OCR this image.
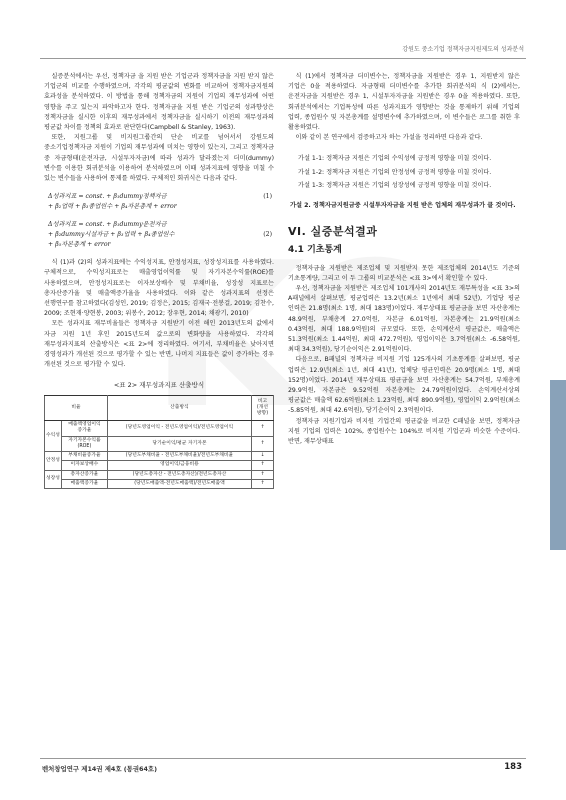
강원도 중소기업 정책자금지원제도의 성과분석

실증분석에서는 우선, 정책자금 을 지원 받은 기업군과 정책자금을 지원 받지 않은 기업군의 비교를 수행하였으며, 각각의 평균값의 변화를 비교하여 정책자금지원의 효과성을 분석하였다. 이 방법을 통해 정책자금의 지원이 기업의 재무성과에 어떤 영향을 주고 있는지 파악하고자 한다. 정책자금을 지원 받은 기업군의 성과향상은 정책자금을 실시한 이후의 재무성과에서 정책자금을 실시하기 이전의 재무성과의 평균값 차이를 정책의 효과로 판단한다(Campbell & Stanley, 1963).

또한, 지원그룹 및 비지원그룹간의 단순 비교를 넘어서서 강원도의 중소기업정책자금 지원이 기업의 재무성과에 미치는 영향이 있는지, 그리고 정책자금 중 자금형태(운전자금, 시설투자자금)에 따라 성과가 달라졌는지 더미(dummy) 변수를 이용한 회귀분석을 이용하여 분석하였으며 이때 성과지표에 영향을 미칠 수 있는 변수들을 사용하여 통제를 하였다. 구체적인 회귀식은 다음과 같다.

Δ성과지표 = const. + β₁dummy정책자금
+ β₂업력 + β₃종업원수 + β₄자본총계 + error
(1)
Δ성과지표 = const. + β₁dummy운전자금
+ β₂dummy시설자금 + β₃업력 + β₄종업원수
+ β₅자본총계 + error
(2)

식 (1)과 (2)의 성과지표에는 수익성지표, 안정성지표, 성장성지표를 사용하였다. 구체적으로, 수익성지표로는 매출영업이익률 및 자기자본수익률(ROE)를 사용하였으며, 안정성지표로는 이자보상배수 및 부채비율, 성장성 지표로는 총자산증가율 및 매출액증가율을 사용하였다. 이와 같은 성과지표의 선정은 선행연구를 참고하였다(김성인, 2019; 김정은, 2015; 김재국·전봉걸, 2019; 김찬수, 2009; 조현재·양현봉, 2003; 위봉수, 2012; 장우현, 2014; 채광기, 2010)

모든 성과지표 재무비율들은 정책자금 지원받기 이전 해인 2013년도의 값에서 자금 지원 1년 후인 2015년도의 값으로의 변화량을 사용하였다. 각각의 재무성과지표의 산출방식은 <표 2>에 정리하였다. 여기서, 부채비율은 낮아지면 경영성과가 개선된 것으로 평가할 수 있는 반면, 나머지 지표들은 값이 증가하는 경우 개선된 것으로 평가할 수 있다.

<표 2> 재무성과지표 산출방식
비율		산출방식	비고 (개선 방향)
수익성	매출액영업이익 증가율	(당년도영업이익 - 전년도영업이익)/전년도영업이익	↑
	자기자본수익률 (ROE)	당기순이익/평균 자기자본	↑
안정성	부채비율증가율	(당년도부채비율 - 전년도부채비율)/전년도부채비율	↓
	이자보상배수	영업이익/금융비용	↑
성장성	총자산증가율	(당년도총자산 - 전년도총자산)/전년도총자산	↑
	매출액증가율	(당년도매출액-전년도매출액)/전년도매출액	↑

식 (1)에서 정책자금 더미변수는, 정책자금을 지원받은 경우 1, 지원받지 않은 기업은 0을 적용하였다. 자금형태 더미변수를 추가한 회귀분석의 식 (2)에서는, 운전자금을 지원받은 경우 1, 시설투자자금을 지원받은 경우 0을 적용하였다. 또한, 회귀분석에서는 기업특성에 따른 성과지표가 영향받는 것을 통제하기 위해 기업의 업력, 종업원수 및 자본총계를 설명변수에 추가하였으며, 이 변수들은 로그를 취한 후 활용하였다.

이와 같이 본 연구에서 검증하고자 하는 가설을 정리하면 다음과 같다.

가설 1-1: 정책자금 지원은 기업의 수익성에 긍정적 영향을 미칠 것이다.
가설 1-2: 정책자금 지원은 기업의 안정성에 긍정적 영향을 미칠 것이다.
가설 1-3: 정책자금 지원은 기업의 성장성에 긍정적 영향을 미칠 것이다.
가설 2. 정책자금지원금중 시설투자자금을 지원 받은 업체의 재무성과가 클 것이다.
VI. 실증분석결과
4.1 기초통계

정책자금을 지원받은 제조업체 및 지원받지 못한 제조업체의 2014년도 기준의 기초통계량, 그리고 이 두 그룹의 비교분석은 <표 3>에서 확인할 수 있다.

우선, 정책자금을 지원받은 제조업체 101개사의 2014년도 재무특성을 <표 3>의 A패널에서 살펴보면, 평균업력은 13.2년(최소 1년에서 최대 52년), 기업당 평균 인력은 21.8명(최소 1명, 최대 183명)이었다. 재무상태표 평균금을 보면 자산총계는 48.9억원, 부채총계 27.0억원, 자본금 6.01억원, 자본총계는 21.9억원(최소 0.43억원, 최대 188.9억원)의 규모였다. 또한, 손익계산서 평균값은, 매출액은 51.3억원(최소 1.44억원, 최대 472.7억원), 영업이익은 3.7억원(최소 -6.58억원, 최대 34.3억원), 당기순이익은 2.91억원이다.

다음으로, B패널의 정책자금 비지원 기업 125개사의 기초통계를 살펴보면, 평균 업력은 12.9년(최소 1년, 최대 41년), 업체당 평균인력은 20.9명(최소 1명, 최대 152명)이었다. 2014년 재무상태표 평균금을 보면 자산총계는 54.7억원, 부채총계 29.9억원, 자본금은 9.52억원 자본총계는 24.79억원이었다. 손익계산서상의 평균값은 매출액 62.6억원(최소 1.23억원, 최대 890.9억원), 영업이익 2.9억원(최소 -5.85억원, 최대 42.6억원), 당기순이익 2.3억원이다.

정책자금 지원기업과 비지원 기업간의 평균값을 비교한 C패널을 보면, 정책자금 지원 기업의 업력은 102%, 종업원수는 104%로 비지원 기업군과 비슷한 수준이다. 반면, 재무상태표

벤처창업연구 제14권 제4호 (통권64호)	183
